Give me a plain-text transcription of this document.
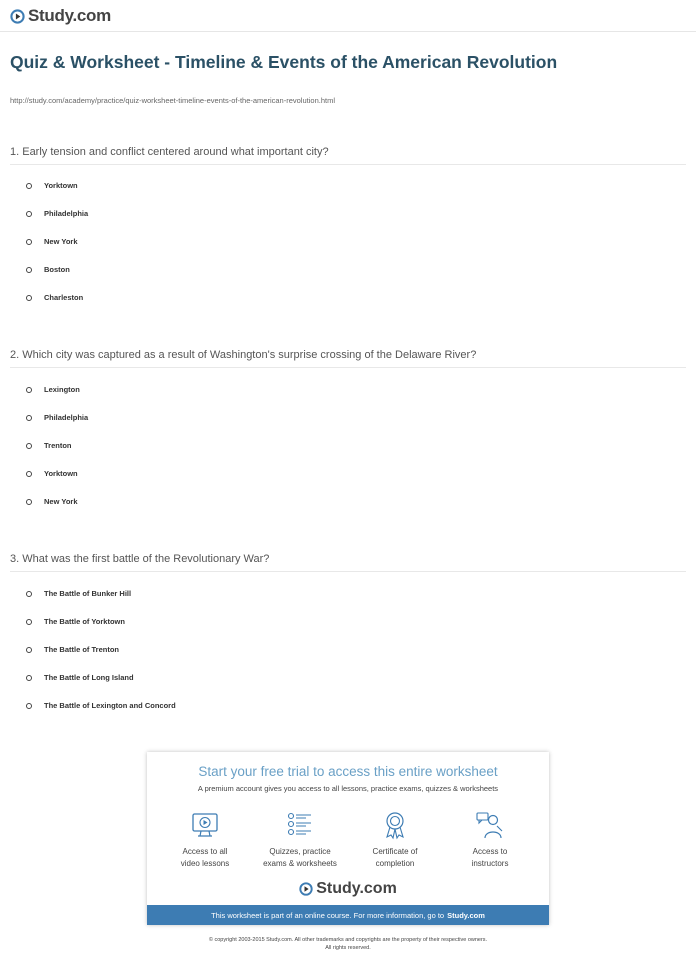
Study.com
Quiz & Worksheet - Timeline & Events of the American Revolution
http://study.com/academy/practice/quiz-worksheet-timeline-events-of-the-american-revolution.html
1. Early tension and conflict centered around what important city?
Yorktown
Philadelphia
New York
Boston
Charleston
2. Which city was captured as a result of Washington's surprise crossing of the Delaware River?
Lexington
Philadelphia
Trenton
Yorktown
New York
3. What was the first battle of the Revolutionary War?
The Battle of Bunker Hill
The Battle of Yorktown
The Battle of Trenton
The Battle of Long Island
The Battle of Lexington and Concord
Start your free trial to access this entire worksheet
A premium account gives you access to all lessons, practice exams, quizzes & worksheets
Access to all
video lessons
Quizzes, practice
exams & worksheets
Certificate of
completion
Access to
instructors
Study.com
This worksheet is part of an online course. For more information, go to Study.com
© copyright 2003-2015 Study.com. All other trademarks and copyrights are the property of their respective owners.
All rights reserved.
